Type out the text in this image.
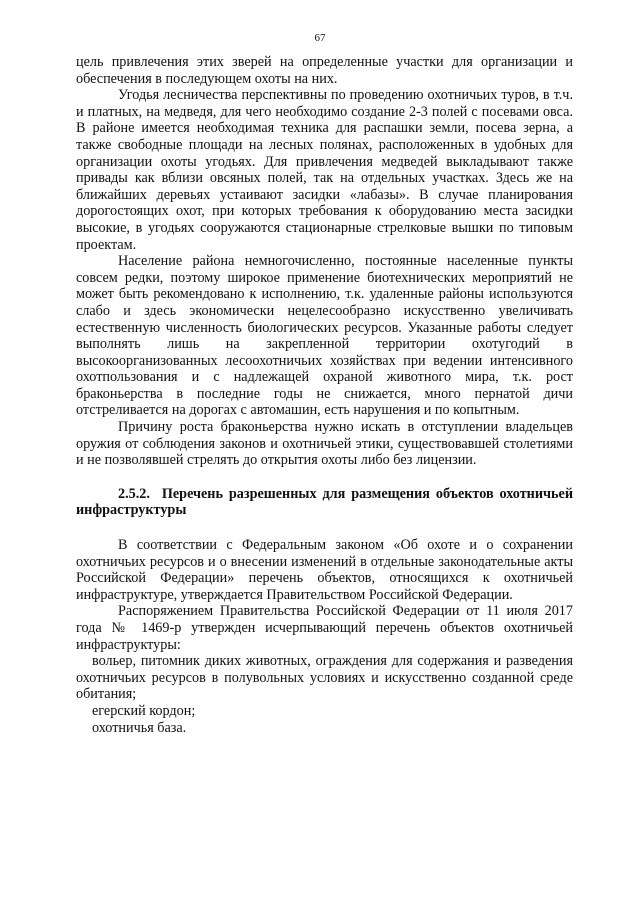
67

цель привлечения этих зверей на определенные участки для организации и обеспечения в последующем охоты на них.

Угодья лесничества перспективны по проведению охотничьих туров, в т.ч. и платных, на медведя, для чего необходимо создание 2-3 полей с посевами овса. В районе имеется необходимая техника для распашки земли, посева зерна, а также свободные площади на лесных полянах, расположенных в удобных для организации охоты угодьях. Для привлечения медведей выкладывают также привады как вблизи овсяных полей, так на отдельных участках. Здесь же на ближайших деревьях устаивают засидки «лабазы». В случае планирования дорогостоящих охот, при которых требования к оборудованию места засидки высокие, в угодьях сооружаются стационарные стрелковые вышки по типовым проектам.

Население района немногочисленно, постоянные населенные пункты совсем редки, поэтому широкое применение биотехнических мероприятий не может быть рекомендовано к исполнению, т.к. удаленные районы используются слабо и здесь экономически нецелесообразно искусственно увеличивать естественную численность биологических ресурсов. Указанные работы следует выполнять лишь на закрепленной территории охотугодий в высокоорганизованных лесоохотничьих хозяйствах при ведении интенсивного охотпользования и с надлежащей охраной животного мира, т.к. рост браконьерства в последние годы не снижается, много пернатой дичи отстреливается на дорогах с автомашин, есть нарушения и по копытным.

Причину роста браконьерства нужно искать в отступлении владельцев оружия от соблюдения законов и охотничьей этики, существовавшей столетиями и не позволявшей стрелять до открытия охоты либо без лицензии.

2.5.2. Перечень разрешенных для размещения объектов охотничьей инфраструктуры

В соответствии с Федеральным законом «Об охоте и о сохранении охотничьих ресурсов и о внесении изменений в отдельные законодательные акты Российской Федерации» перечень объектов, относящихся к охотничьей инфраструктуре, утверждается Правительством Российской Федерации.

Распоряжением Правительства Российской Федерации от 11 июля 2017 года № 1469-р утвержден исчерпывающий перечень объектов охотничьей инфраструктуры:

вольер, питомник диких животных, ограждения для содержания и разведения охотничьих ресурсов в полувольных условиях и искусственно созданной среде обитания;

егерский кордон;

охотничья база.
